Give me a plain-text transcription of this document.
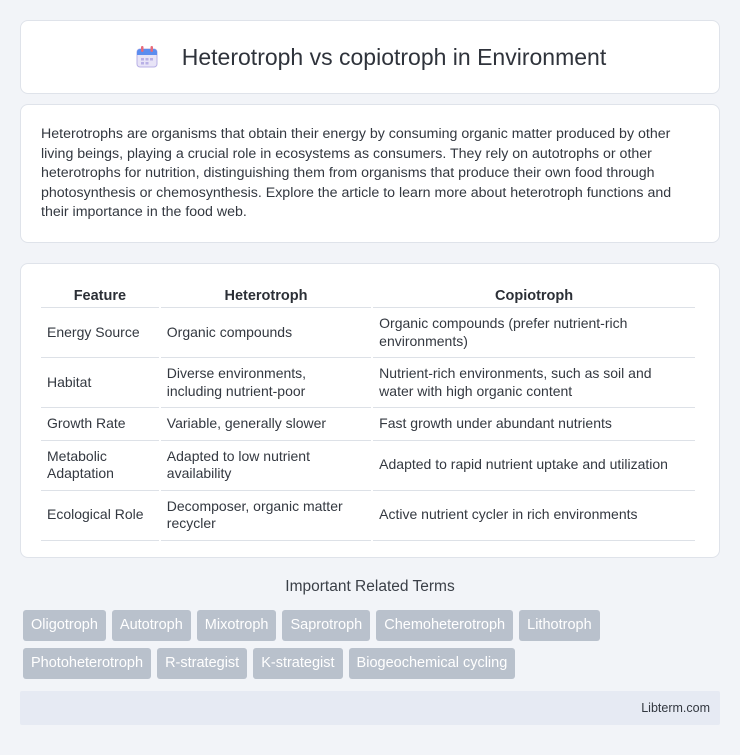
Heterotroph vs copiotroph in Environment

Heterotrophs are organisms that obtain their energy by consuming organic matter produced by other living beings, playing a crucial role in ecosystems as consumers. They rely on autotrophs or other heterotrophs for nutrition, distinguishing them from organisms that produce their own food through photosynthesis or chemosynthesis. Explore the article to learn more about heterotroph functions and their importance in the food web.

Feature	Heterotroph	Copiotroph
Energy Source	Organic compounds	Organic compounds (prefer nutrient-rich environments)
Habitat	Diverse environments, including nutrient-poor	Nutrient-rich environments, such as soil and water with high organic content
Growth Rate	Variable, generally slower	Fast growth under abundant nutrients
Metabolic Adaptation	Adapted to low nutrient availability	Adapted to rapid nutrient uptake and utilization
Ecological Role	Decomposer, organic matter recycler	Active nutrient cycler in rich environments
Important Related Terms
Oligotroph	Autotroph	Mixotroph	Saprotroph	Chemoheterotroph	Lithotroph
Photoheterotroph	R-strategist	K-strategist	Biogeochemical cycling
Libterm.com
